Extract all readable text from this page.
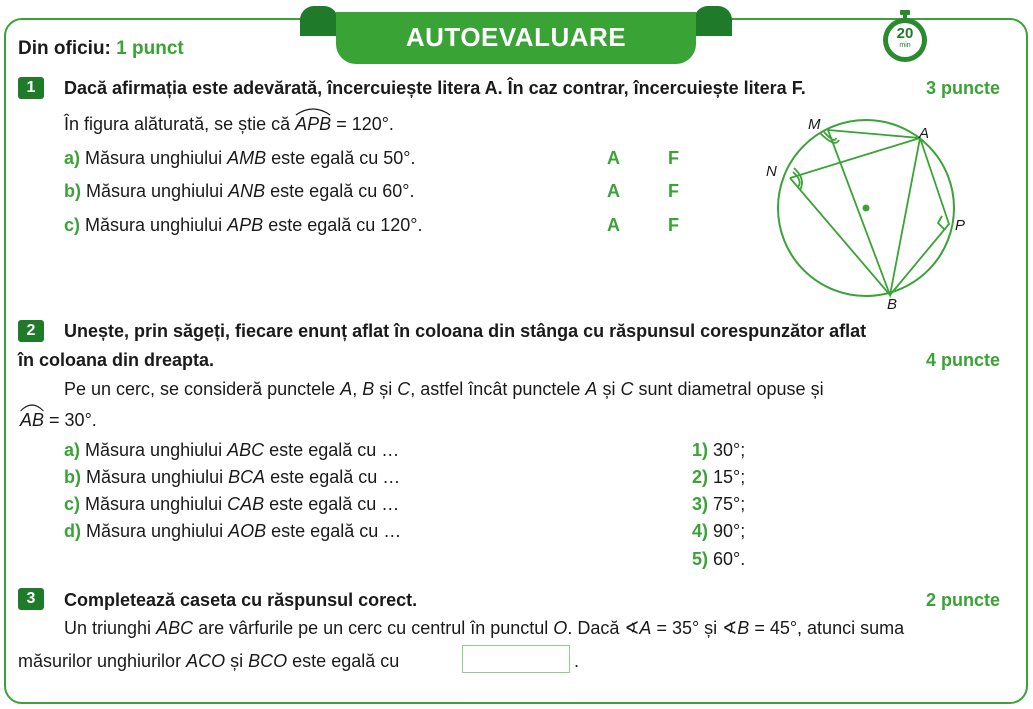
AUTOEVALUARE	20
min
Din oficiu: 1 punct
1	Dacă afirmația este adevărată, încercuiește litera A. În caz contrar, încercuiește litera F.	3 puncte
În figura alăturată, se știe că APB = 120°.
a) Măsura unghiului AMB este egală cu 50°.	A	F
b) Măsura unghiului ANB este egală cu 60°.	A	F
c) Măsura unghiului APB este egală cu 120°.	A	F
M
A
N
P
B
2	Unește, prin săgeți, fiecare enunț aflat în coloana din stânga cu răspunsul corespunzător aflat
în coloana din dreapta.	4 puncte
Pe un cerc, se consideră punctele A, B și C, astfel încât punctele A și C sunt diametral opuse și
AB = 30°.
a) Măsura unghiului ABC este egală cu …
b) Măsura unghiului BCA este egală cu …
c) Măsura unghiului CAB este egală cu …
d) Măsura unghiului AOB este egală cu …
1) 30°;
2) 15°;
3) 75°;
4) 90°;
5) 60°.
3	Completează caseta cu răspunsul corect.	2 puncte
Un triunghi ABC are vârfurile pe un cerc cu centrul în punctul O. Dacă ∢A = 35° și ∢B = 45°, atunci suma
măsurilor unghiurilor ACO și BCO este egală cu	.
